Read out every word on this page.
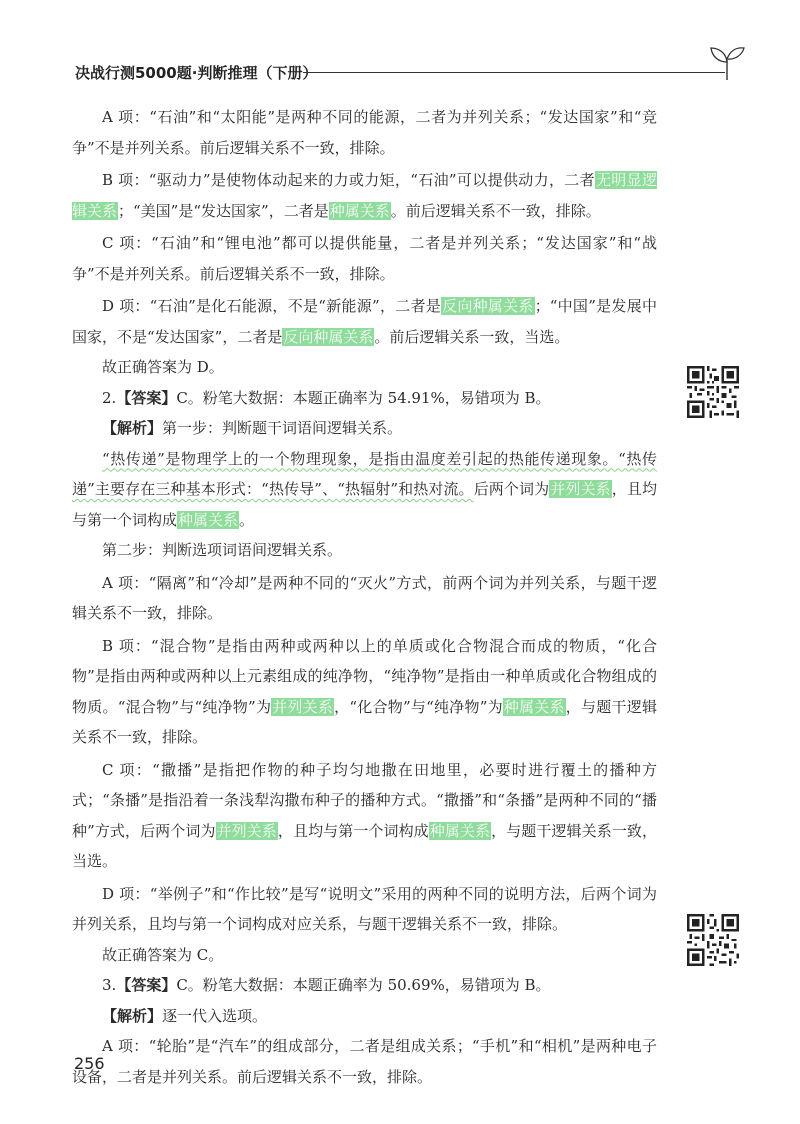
决战行测5000题·判断推理（下册）

A 项：“石油”和“太阳能”是两种不同的能源，二者为并列关系；“发达国家”和“竞争”不是并列关系。前后逻辑关系不一致，排除。

B 项：“驱动力”是使物体动起来的力或力矩，“石油”可以提供动力，二者无明显逻辑关系；“美国”是“发达国家”，二者是种属关系。前后逻辑关系不一致，排除。

C 项：“石油”和“锂电池”都可以提供能量，二者是并列关系；“发达国家”和“战争”不是并列关系。前后逻辑关系不一致，排除。

D 项：“石油”是化石能源，不是“新能源”，二者是反向种属关系；“中国”是发展中国家，不是“发达国家”，二者是反向种属关系。前后逻辑关系一致，当选。

故正确答案为 D。

2.【答案】C。粉笔大数据：本题正确率为 54.91%，易错项为 B。

【解析】第一步：判断题干词语间逻辑关系。

“热传递”是物理学上的一个物理现象，是指由温度差引起的热能传递现象。“热传递”主要存在三种基本形式：“热传导”、“热辐射”和热对流。后两个词为并列关系，且均与第一个词构成种属关系。

第二步：判断选项词语间逻辑关系。

A 项：“隔离”和“冷却”是两种不同的“灭火”方式，前两个词为并列关系，与题干逻辑关系不一致，排除。

B 项：“混合物”是指由两种或两种以上的单质或化合物混合而成的物质，“化合物”是指由两种或两种以上元素组成的纯净物，“纯净物”是指由一种单质或化合物组成的物质。“混合物”与“纯净物”为并列关系，“化合物”与“纯净物”为种属关系，与题干逻辑关系不一致，排除。

C 项：“撒播”是指把作物的种子均匀地撒在田地里，必要时进行覆土的播种方式；“条播”是指沿着一条浅犁沟撒布种子的播种方式。“撒播”和“条播”是两种不同的“播种”方式，后两个词为并列关系，且均与第一个词构成种属关系，与题干逻辑关系一致，当选。

D 项：“举例子”和“作比较”是写“说明文”采用的两种不同的说明方法，后两个词为并列关系，且均与第一个词构成对应关系，与题干逻辑关系不一致，排除。

故正确答案为 C。

3.【答案】C。粉笔大数据：本题正确率为 50.69%，易错项为 B。

【解析】逐一代入选项。

A 项：“轮胎”是“汽车”的组成部分，二者是组成关系；“手机”和“相机”是两种电子设备，二者是并列关系。前后逻辑关系不一致，排除。

256
